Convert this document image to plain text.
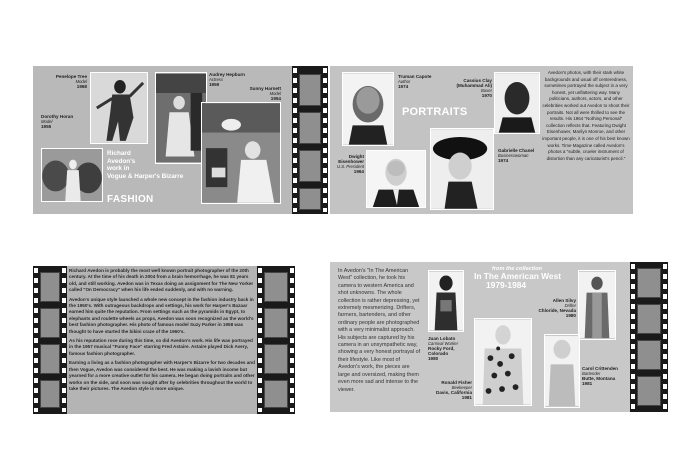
Penelope Tree
Model
1968
Audrey Hepburn
Actress
1959
Sunny Harnett
Model
1954
Dorothy Horan
Model
1955
Richard
Avedon's
work in
Vogue & Harper's Bizarre
FASHION
Truman Capote
Author
1974
Cassius Clay (Muhammad Ali)
Boxer
1970
Dwight Eisenhower
U.S. President
1964
Gabrielle Chanel
Businesswoman
1974
PORTRAITS
Avedon's photos, with their stark white backgrounds and usual off centeredness, sometimes portrayed the subject in a very honest, yet unflattering way. Many politicians, authors, actors, and other celebrities worked out Avedon to shoot their portraits. Not all were thrilled to see the results. His 1964 "Nothing Personal" collection reflects that. Featuring Dwight Eisenhower, Marilyn Monroe, and other important people, it is one of his best known works. Time Magazine called Avedon's photos a "subtle, crueler instrument of distortion than any caricaturist's pencil."

Richard Avedon is probably the most well known portrait photographer of the 20th century. At the time of his death in 2004 from a brain hemorrhage, he was 81 years old, and still working. Avedon was in Texas doing an assignment for The New Yorker called "On Democracy" when his life ended suddenly, and with no warning.

Avedon's unique style launched a whole new concept in the fashion industry back in the 1950's. With outrageous backdrops and settings, his work for Harper's Bazaar earned him quite the reputation. From settings such as the pyramids in Egypt, to elephants and roulette wheels as props, Avedon was soon recognized as the world's best fashion photographer. His photo of famous model Suzy Parker in 1958 was thought to have started the bikini craze of the 1960's.

As his reputation rose during this time, so did Avedon's work. His life was portrayed in the 1957 musical "Funny Face" starring Fred Astaire. Astaire played Dick Avery, famous fashion photographer.

Earning a living as a fashion photographer with Harper's Bizarre for two decades and then Vogue, Avedon was considered the best. He was making a lavish income but yearned for a more creative outlet for his camera. He began doing portraits and other works on the side, and soon was sought after by celebrities throughout the world to take their pictures. The Avedon style is more unique.

In Avedon's "In The American West" collection, he took his camera to western America and shot unknowns. The whole collection is rather depressing, yet extremely mesmerizing. Drifters, farmers, bartenders, and other ordinary people are photographed with a very minimalist approach. His subjects are captured by his camera in an unsympathetic way, showing a very honest portrayal of their lifestyle. Like most of Avedon's work, the pieces are large and oversized, making them even more sad and intense to the viewer.
from the collection
In The American West
1979-1984
Juan Lobato
Carnival Worker
Rocky Ford, Colorado
1980
Allen Silvy
Drifter
Chloride, Nevada
1980
Ronald Fisher
Beekeeper
Davis, California
1981
Carol Crittenden
Bartender
Butte, Montana
1981
